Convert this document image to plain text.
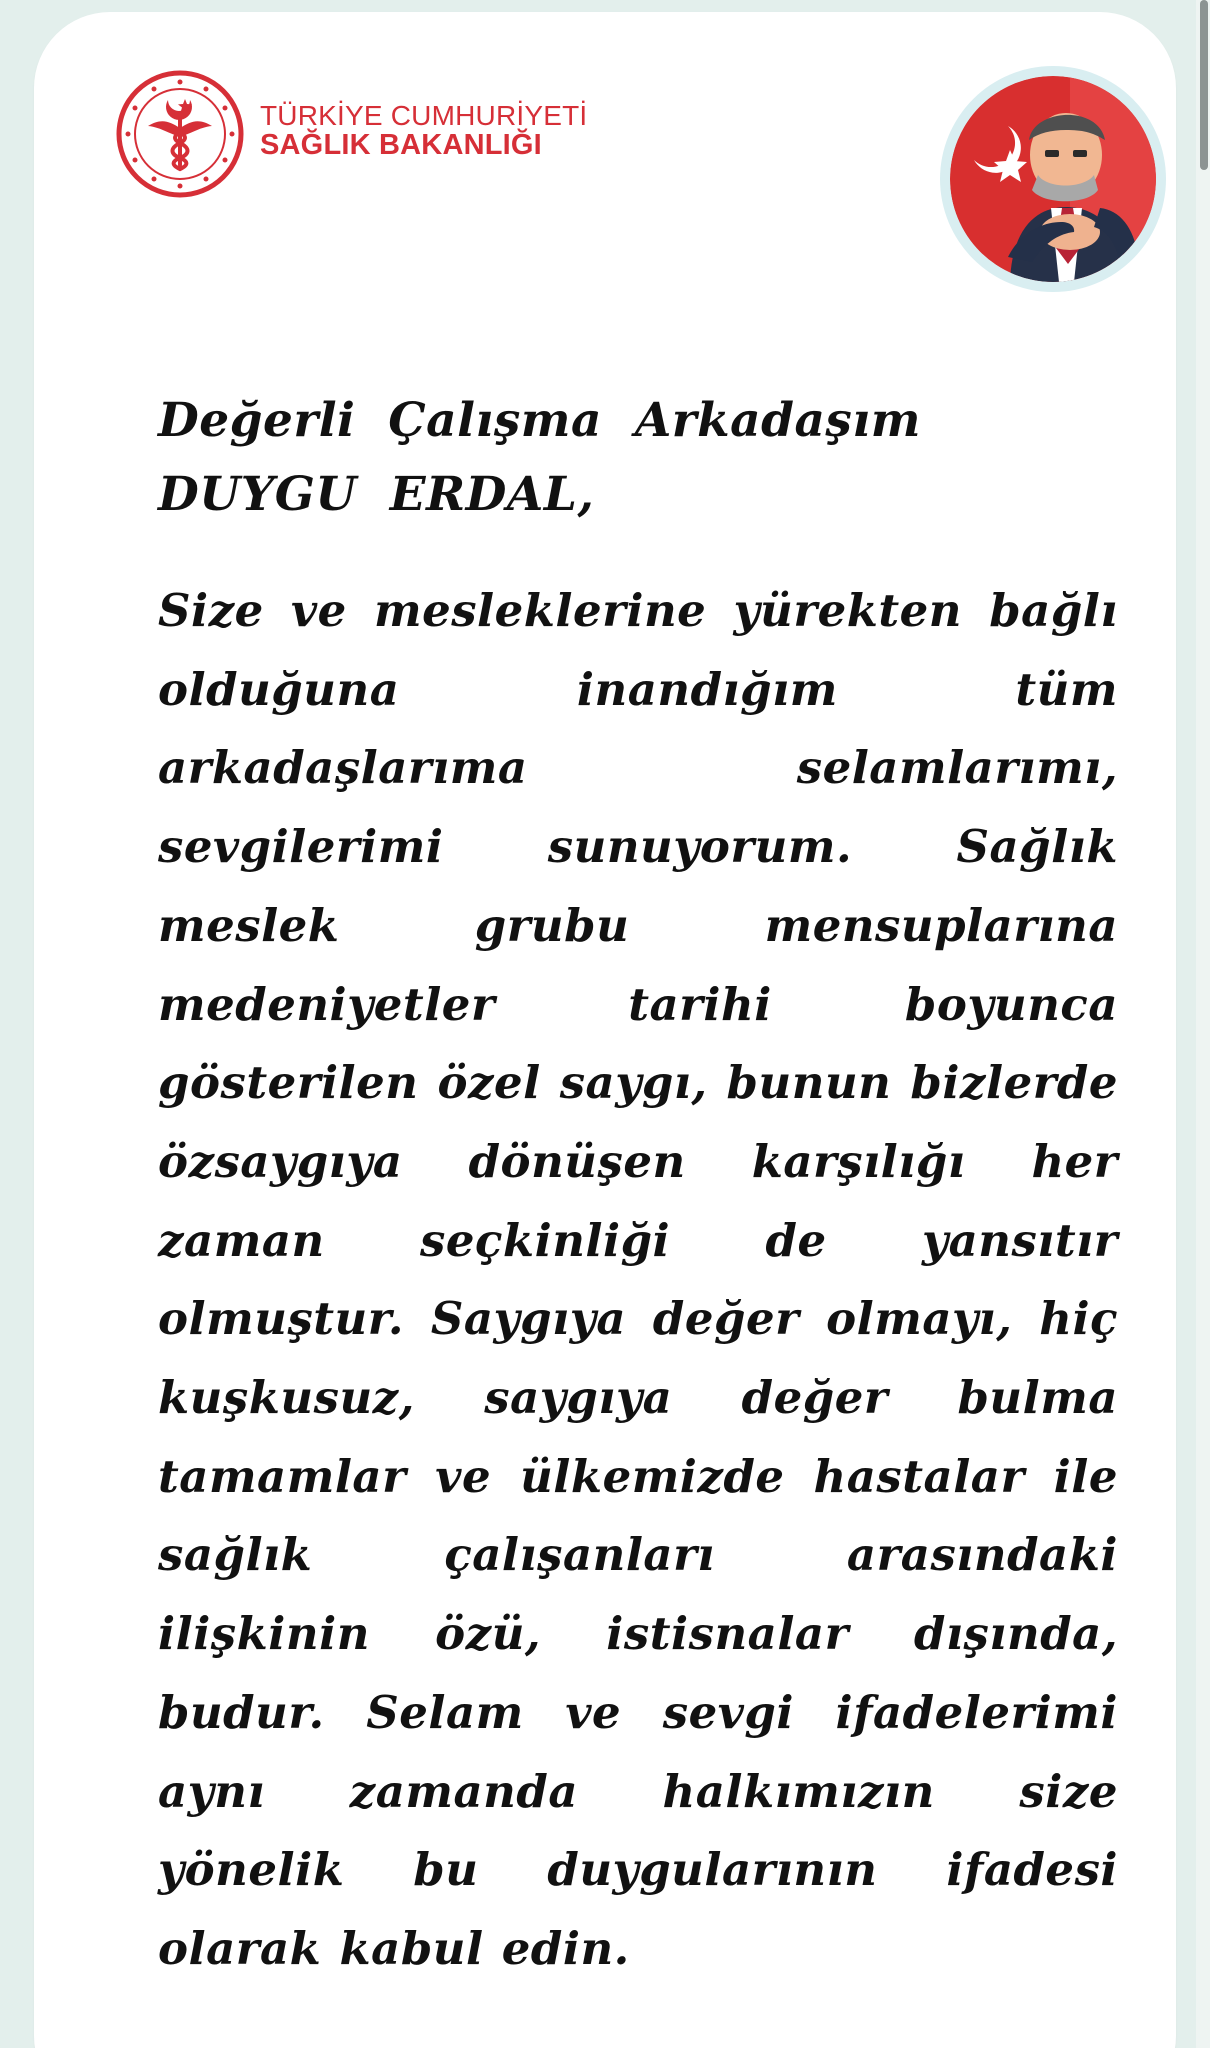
TÜRKİYE CUMHURİYETİ
SAĞLIK BAKANLIĞI

Değerli Çalışma Arkadaşım DUYGU ERDAL,

Size ve mesleklerine yürekten bağlı olduğuna inandığım tüm arkadaşlarıma selamlarımı, sevgilerimi sunuyorum. Sağlık meslek grubu mensuplarına medeniyetler tarihi boyunca gösterilen özel saygı, bunun bizlerde özsaygıya dönüşen karşılığı her zaman seçkinliği de yansıtır olmuştur. Saygıya değer olmayı, hiç kuşkusuz, saygıya değer bulma tamamlar ve ülkemizde hastalar ile sağlık çalışanları arasındaki ilişkinin özü, istisnalar dışında, budur. Selam ve sevgi ifadelerimi aynı zamanda halkımızın size yönelik bu duygularının ifadesi olarak kabul edin.
